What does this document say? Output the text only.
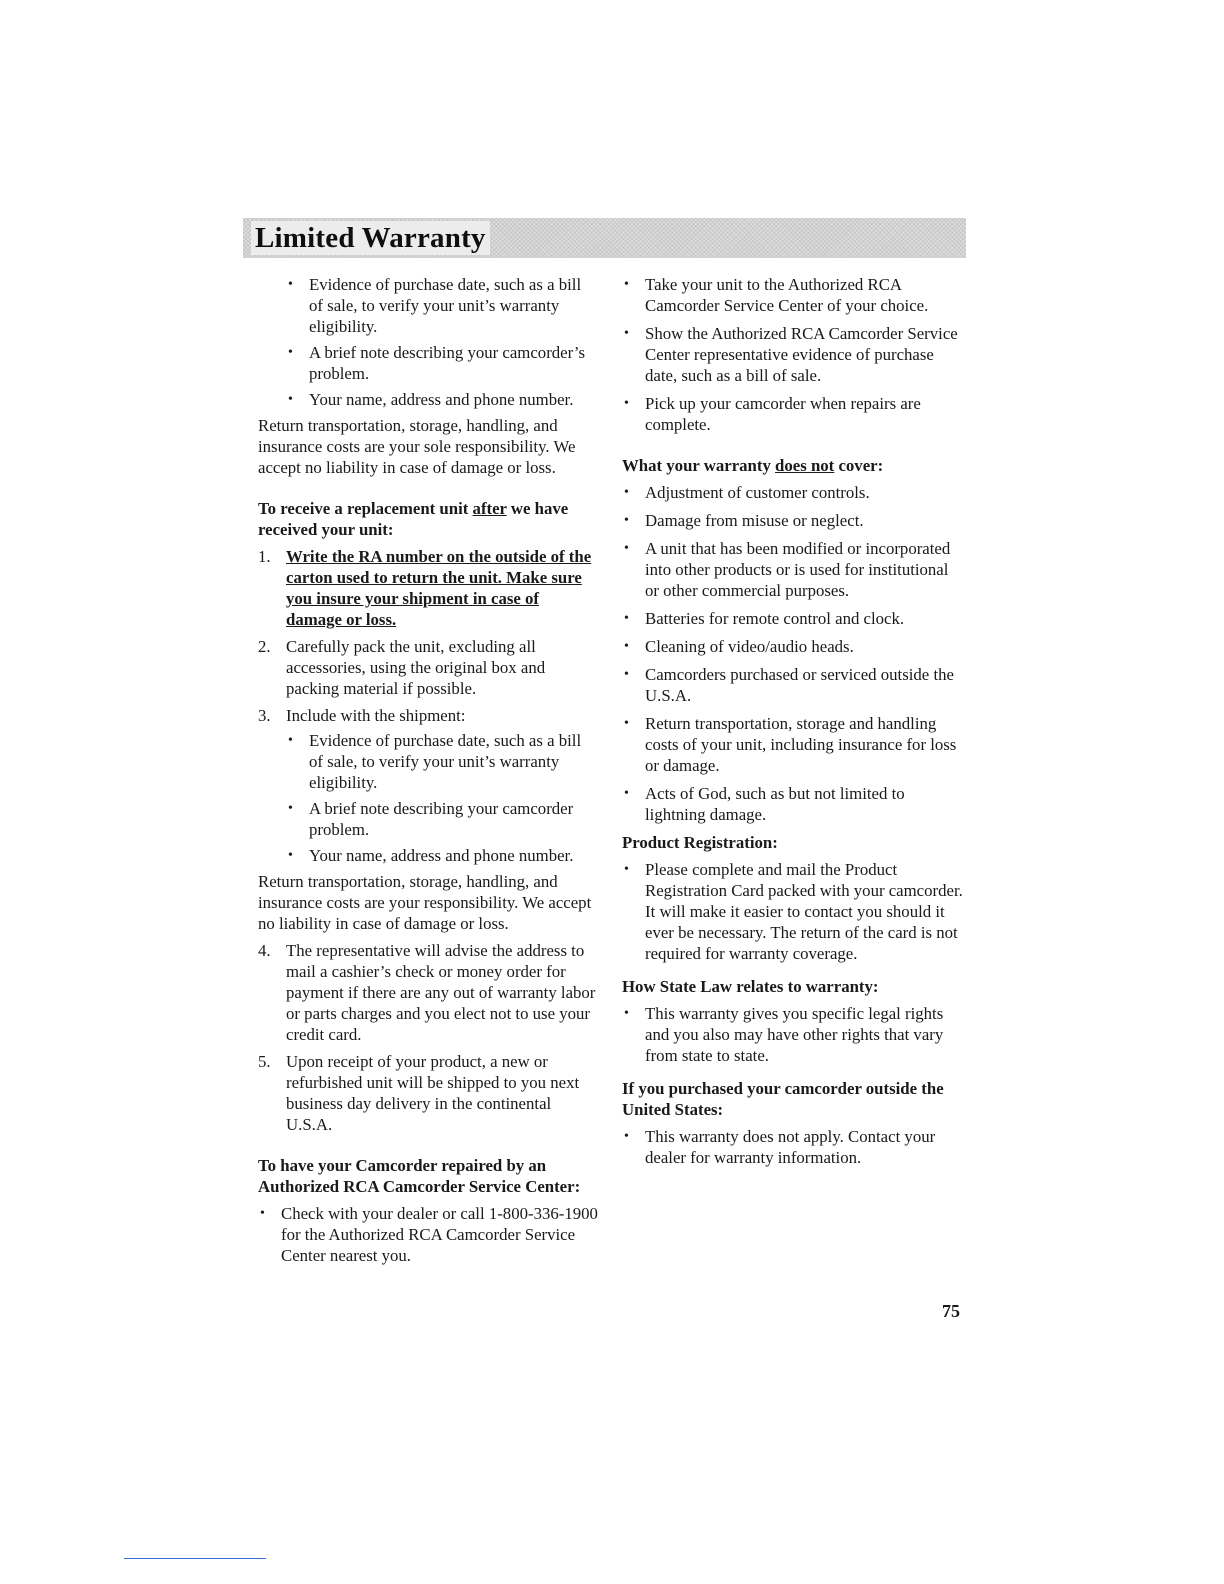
Limited Warranty
• Evidence of purchase date, such as a bill of sale, to verify your unit’s warranty eligibility.
• A brief note describing your camcorder’s problem.
• Your name, address and phone number.

Return transportation, storage, handling, and insurance costs are your sole responsibility. We accept no liability in case of damage or loss.

To receive a replacement unit after we have received your unit:

1. Write the RA number on the outside of the carton used to return the unit. Make sure you insure your shipment in case of damage or loss.
2. Carefully pack the unit, excluding all accessories, using the original box and packing material if possible.
3. Include with the shipment:
• Evidence of purchase date, such as a bill of sale, to verify your unit’s warranty eligibility.
• A brief note describing your camcorder problem.
• Your name, address and phone number.

Return transportation, storage, handling, and insurance costs are your responsibility. We accept no liability in case of damage or loss.

4. The representative will advise the address to mail a cashier’s check or money order for payment if there are any out of warranty labor or parts charges and you elect not to use your credit card.
5. Upon receipt of your product, a new or refurbished unit will be shipped to you next business day delivery in the continental U.S.A.

To have your Camcorder repaired by an Authorized RCA Camcorder Service Center:

• Check with your dealer or call 1-800-336-1900 for the Authorized RCA Camcorder Service Center nearest you.
• Take your unit to the Authorized RCA Camcorder Service Center of your choice.
• Show the Authorized RCA Camcorder Service Center representative evidence of purchase date, such as a bill of sale.
• Pick up your camcorder when repairs are complete.

What your warranty does not cover:

• Adjustment of customer controls.
• Damage from misuse or neglect.
• A unit that has been modified or incorporated into other products or is used for institutional or other commercial purposes.
• Batteries for remote control and clock.
• Cleaning of video/audio heads.
• Camcorders purchased or serviced outside the U.S.A.
• Return transportation, storage and handling costs of your unit, including insurance for loss or damage.
• Acts of God, such as but not limited to lightning damage.

Product Registration:

• Please complete and mail the Product Registration Card packed with your camcorder. It will make it easier to contact you should it ever be necessary. The return of the card is not required for warranty coverage.

How State Law relates to warranty:

• This warranty gives you specific legal rights and you also may have other rights that vary from state to state.

If you purchased your camcorder outside the United States:

• This warranty does not apply. Contact your dealer for warranty information.
75
